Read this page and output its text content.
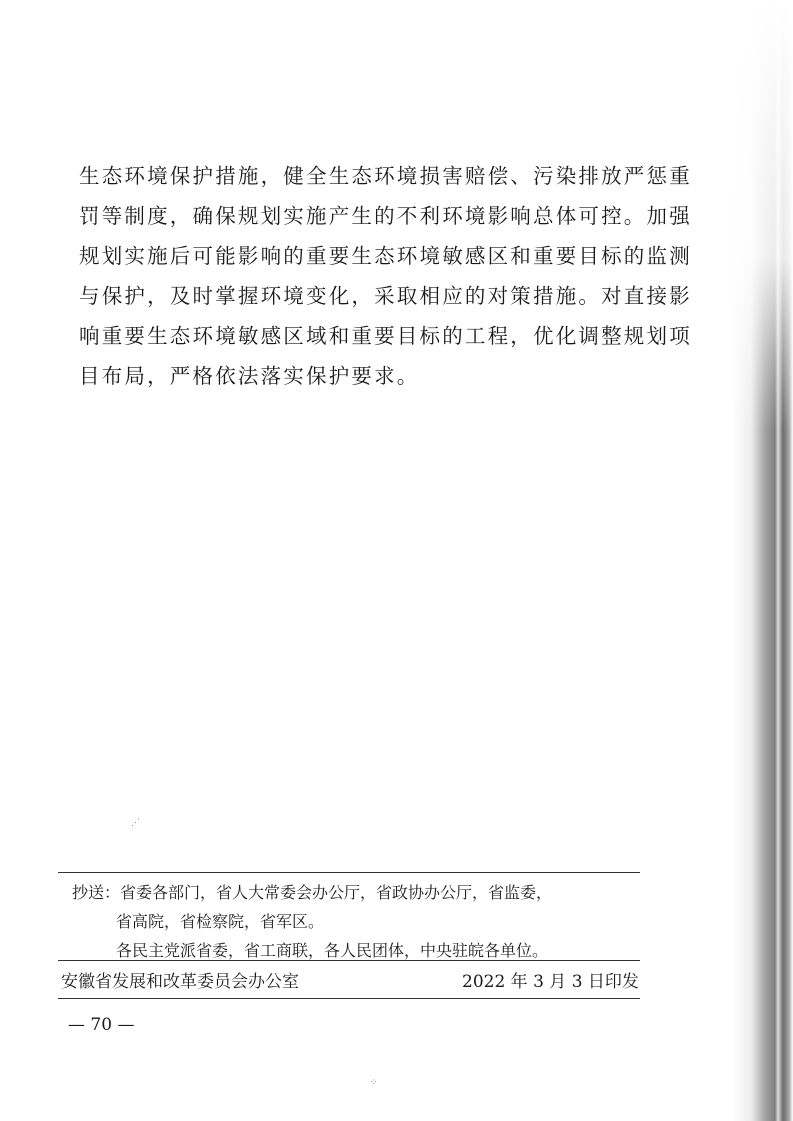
生态环境保护措施，健全生态环境损害赔偿、污染排放严惩重
罚等制度，确保规划实施产生的不利环境影响总体可控。加强
规划实施后可能影响的重要生态环境敏感区和重要目标的监测
与保护，及时掌握环境变化，采取相应的对策措施。对直接影
响重要生态环境敏感区域和重要目标的工程，优化调整规划项
目布局，严格依法落实保护要求。
⋰
⁘
抄送：省委各部门，省人大常委会办公厅，省政协办公厅，省监委，
省高院，省检察院，省军区。
各民主党派省委，省工商联，各人民团体，中央驻皖各单位。
安徽省发展和改革委员会办公室	2022 年 3 月 3 日印发
— 70 —
